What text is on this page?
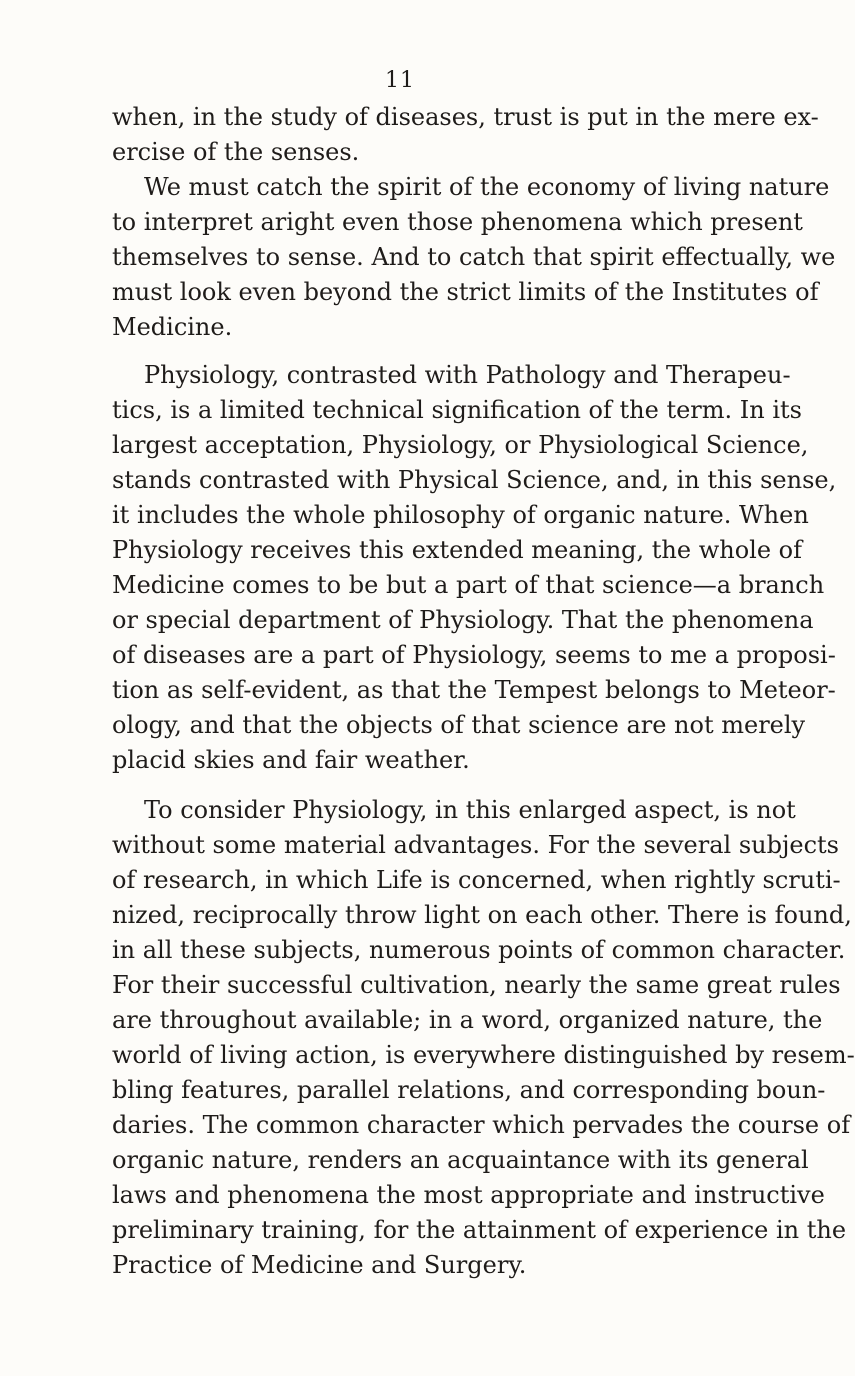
11
when, in the study of diseases, trust is put in the mere ex-
ercise of the senses.
We must catch the spirit of the economy of living nature
to interpret aright even those phenomena which present
themselves to sense. And to catch that spirit effectually, we
must look even beyond the strict limits of the Institutes of
Medicine.
Physiology, contrasted with Pathology and Therapeu-
tics, is a limited technical signification of the term. In its
largest acceptation, Physiology, or Physiological Science,
stands contrasted with Physical Science, and, in this sense,
it includes the whole philosophy of organic nature. When
Physiology receives this extended meaning, the whole of
Medicine comes to be but a part of that science—a branch
or special department of Physiology. That the phenomena
of diseases are a part of Physiology, seems to me a proposi-
tion as self-evident, as that the Tempest belongs to Meteor-
ology, and that the objects of that science are not merely
placid skies and fair weather.
To consider Physiology, in this enlarged aspect, is not
without some material advantages. For the several subjects
of research, in which Life is concerned, when rightly scruti-
nized, reciprocally throw light on each other. There is found,
in all these subjects, numerous points of common character.
For their successful cultivation, nearly the same great rules
are throughout available; in a word, organized nature, the
world of living action, is everywhere distinguished by resem-
bling features, parallel relations, and corresponding boun-
daries. The common character which pervades the course of
organic nature, renders an acquaintance with its general
laws and phenomena the most appropriate and instructive
preliminary training, for the attainment of experience in the
Practice of Medicine and Surgery.
